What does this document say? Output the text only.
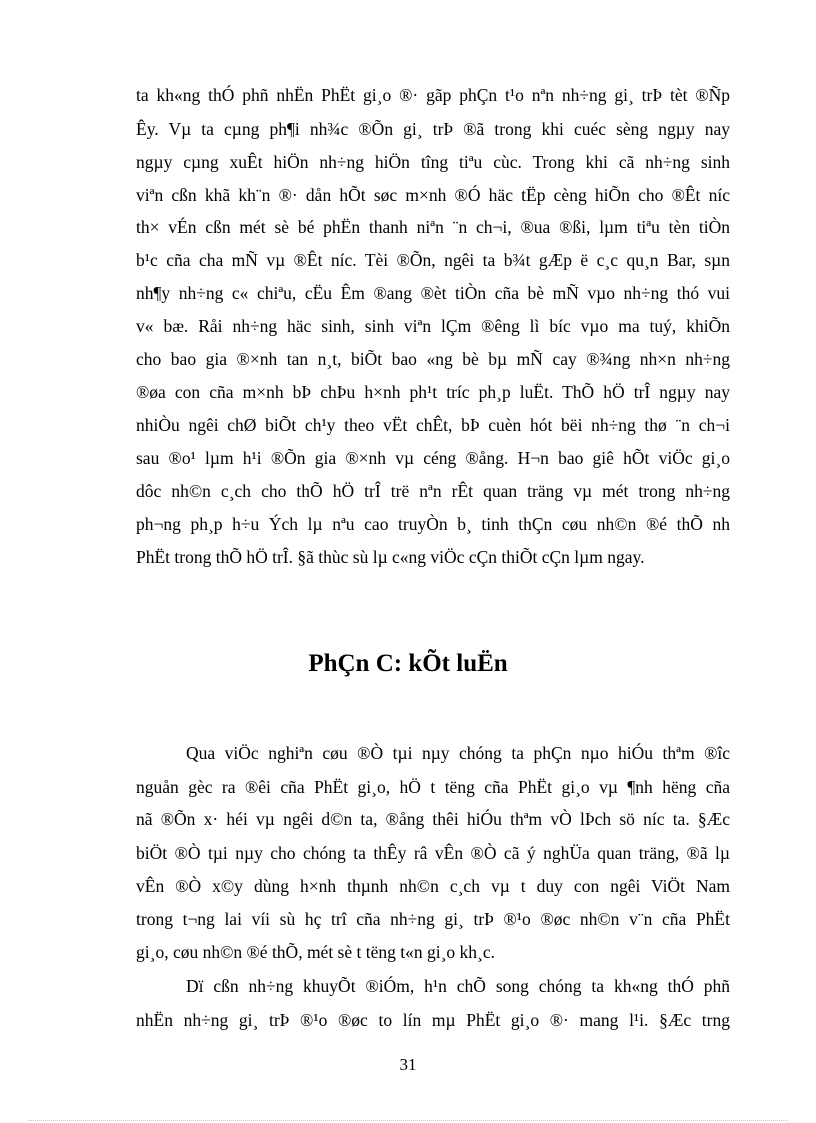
ta kh«ng thÓ phñ nhËn PhËt gi¸o ®· gãp phÇn t¹o nªn nh÷ng gi¸ trÞ tèt ®Ñp
Êy. Vµ ta cµng ph¶i nh¾c ®Õn gi¸ trÞ ®ã trong khi cuéc sèng ngµy nay
ngµy cµng xuÊt hiÖn nh÷ng hiÖn tîng tiªu cùc. Trong khi cã nh÷ng sinh
viªn cßn khã kh¨n ®· dån hÕt søc m×nh ®Ó häc tËp cèng hiÕn cho ®Êt níc
th× vÉn cßn mét sè bé phËn thanh niªn ¨n ch¬i, ®ua ®ßi, lµm tiªu tèn tiÒn
b¹c cña cha mÑ vµ ®Êt níc. Tèi ®Õn, ngêi ta b¾t gÆp ë c¸c qu¸n Bar, sµn
nh¶y nh÷ng c« chiªu, cËu Êm ®ang ®èt tiÒn cña bè mÑ vµo nh÷ng thó vui
v« bæ. Råi nh÷ng häc sinh, sinh viªn lÇm ®êng lì bíc vµo ma tuý, khiÕn
cho bao gia ®×nh tan n¸t, biÕt bao «ng bè bµ mÑ cay ®¾ng nh×n nh÷ng
®øa con cña m×nh bÞ chÞu h×nh ph¹t tríc ph¸p luËt. ThÕ hÖ trÎ ngµy nay
nhiÒu ngêi chØ biÕt ch¹y theo vËt chÊt, bÞ cuèn hót bëi nh÷ng thø ¨n ch¬i
sau ®o¹ lµm h¹i ®Õn gia ®×nh vµ céng ®ång. H¬n bao giê hÕt viÖc gi¸o
dôc nh©n c¸ch cho thÕ hÖ trÎ trë nªn rÊt quan träng vµ mét trong nh÷ng
ph¬ng ph¸p h÷u Ých lµ nªu cao truyÒn b¸ tinh thÇn cøu nh©n ®é thÕ nh
PhËt trong thÕ hÖ trÎ. §ã thùc sù lµ c«ng viÖc cÇn thiÕt cÇn lµm ngay.
PhÇn C: kÕt luËn
Qua viÖc nghiªn cøu ®Ò tµi nµy chóng ta phÇn nµo hiÓu thªm ®îc
nguån gèc ra ®êi cña PhËt gi¸o, hÖ t tëng cña PhËt gi¸o vµ ¶nh hëng cña
nã ®Õn x· héi vµ ngêi d©n ta, ®ång thêi hiÓu thªm vÒ lÞch sö níc ta. §Æc
biÖt ®Ò tµi nµy cho chóng ta thÊy râ vÊn ®Ò cã ý nghÜa quan träng, ®ã lµ
vÊn ®Ò x©y dùng h×nh thµnh nh©n c¸ch vµ t duy con ngêi ViÖt Nam
trong t¬ng lai víi sù hç trî cña nh÷ng gi¸ trÞ ®¹o ®øc nh©n v¨n cña PhËt
gi¸o, cøu nh©n ®é thÕ, mét sè t tëng t«n gi¸o kh¸c.
Dï cßn nh÷ng khuyÕt ®iÓm, h¹n chÕ song chóng ta kh«ng thÓ phñ
nhËn nh÷ng gi¸ trÞ ®¹o ®øc to lín mµ PhËt gi¸o ®· mang l¹i. §Æc trng
31
